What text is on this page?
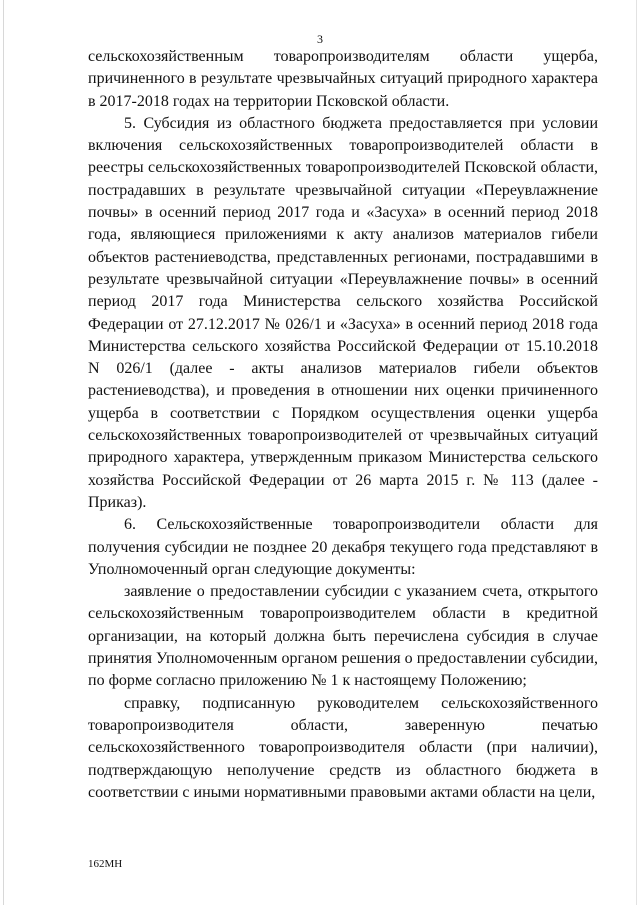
3

сельскохозяйственным товаропроизводителям области ущерба, причиненного в результате чрезвычайных ситуаций природного характера в 2017-2018 годах на территории Псковской области.

5. Субсидия из областного бюджета предоставляется при условии включения сельскохозяйственных товаропроизводителей области в реестры сельскохозяйственных товаропроизводителей Псковской области, пострадавших в результате чрезвычайной ситуации «Переувлажнение почвы» в осенний период 2017 года и «Засуха» в осенний период 2018 года, являющиеся приложениями к акту анализов материалов гибели объектов растениеводства, представленных регионами, пострадавшими в результате чрезвычайной ситуации «Переувлажнение почвы» в осенний период 2017 года Министерства сельского хозяйства Российской Федерации от 27.12.2017 № 026/1 и «Засуха» в осенний период 2018 года Министерства сельского хозяйства Российской Федерации от 15.10.2018 N 026/1 (далее - акты анализов материалов гибели объектов растениеводства), и проведения в отношении них оценки причиненного ущерба в соответствии с Порядком осуществления оценки ущерба сельскохозяйственных товаропроизводителей от чрезвычайных ситуаций природного характера, утвержденным приказом Министерства сельского хозяйства Российской Федерации от 26 марта 2015 г. № 113 (далее - Приказ).

6. Сельскохозяйственные товаропроизводители области для получения субсидии не позднее 20 декабря текущего года представляют в Уполномоченный орган следующие документы:

заявление о предоставлении субсидии с указанием счета, открытого сельскохозяйственным товаропроизводителем области в кредитной организации, на который должна быть перечислена субсидия в случае принятия Уполномоченным органом решения о предоставлении субсидии, по форме согласно приложению № 1 к настоящему Положению;

справку, подписанную руководителем сельскохозяйственного товаропроизводителя области, заверенную печатью сельскохозяйственного товаропроизводителя области (при наличии), подтверждающую неполучение средств из областного бюджета в соответствии с иными нормативными правовыми актами области на цели,

162МН
